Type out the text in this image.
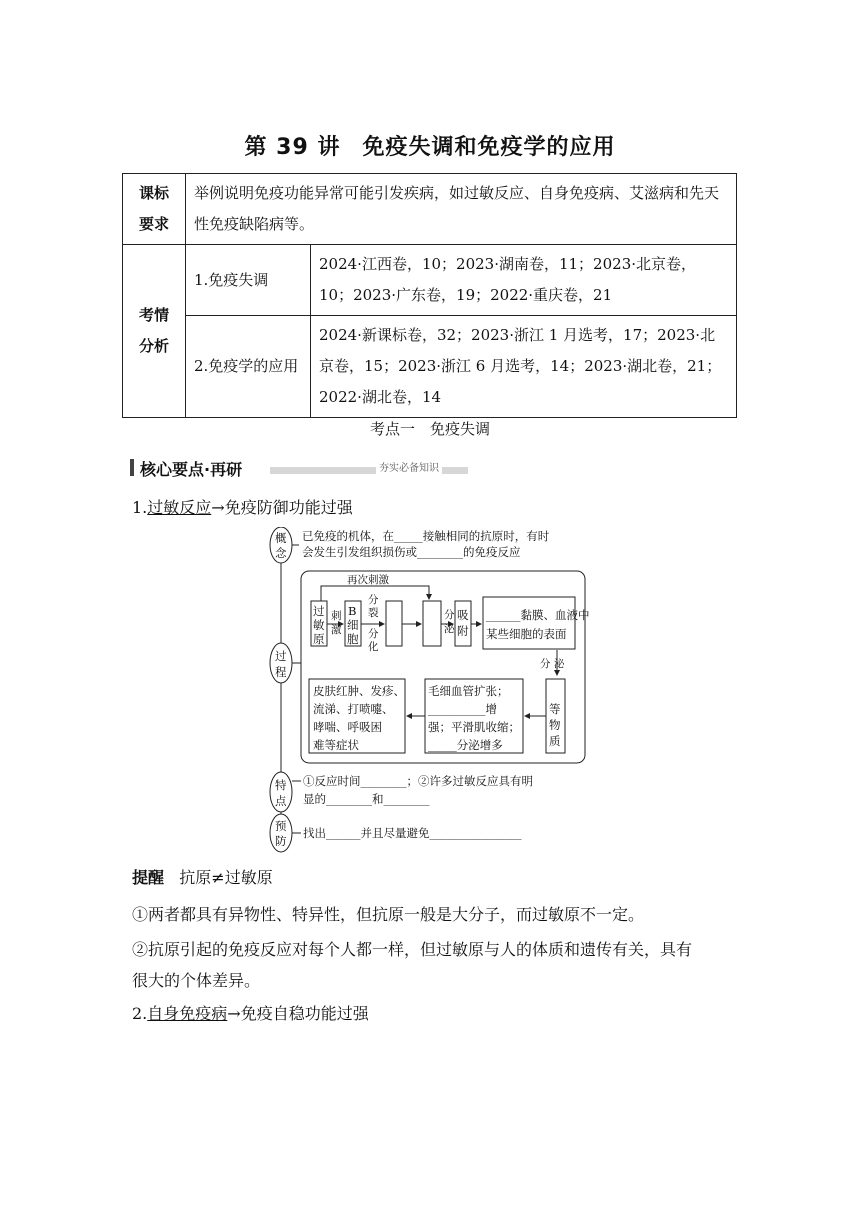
第 39 讲 免疫失调和免疫学的应用
课标
要求	举例说明免疫功能异常可能引发疾病，如过敏反应、自身免疫病、艾滋病和先天性免疫缺陷病等。	
考情
分析	1.免疫失调	2024·江西卷，10；2023·湖南卷，11；2023·北京卷，10；2023·广东卷，19；2022·重庆卷，21
	2.免疫学的应用	2024·新课标卷，32；2023·浙江 1 月选考，17；2023·北京卷，15；2023·浙江 6 月选考，14；2023·湖北卷，21；2022·湖北卷，14
考点一　免疫失调
核心要点·再研	夯实必备知识
1.过敏反应→免疫防御功能过强
概
念
过
程
特
点
预
防
已免疫的机体，在_____接触相同的抗原时，有时
会发生引发组织损伤或________的免疫反应
再次刺激
过
敏
原
刺
激
B
细
胞
分
裂
分
化
分
泌
吸
附
______黏膜、血液中
某些细胞的表面
分 泌
等
物
质
毛细血管扩张；
__________增
强；平滑肌收缩；
_____分泌增多
皮肤红肿、发疹、
流涕、打喷嚏、
哮喘、呼吸困
难等症状
①反应时间________；②许多过敏反应具有明
显的________和________
找出______并且尽量避免________________
提醒 抗原≠过敏原
①两者都具有异物性、特异性，但抗原一般是大分子，而过敏原不一定。
②抗原引起的免疫反应对每个人都一样，但过敏原与人的体质和遗传有关，具有
很大的个体差异。
2.自身免疫病→免疫自稳功能过强
